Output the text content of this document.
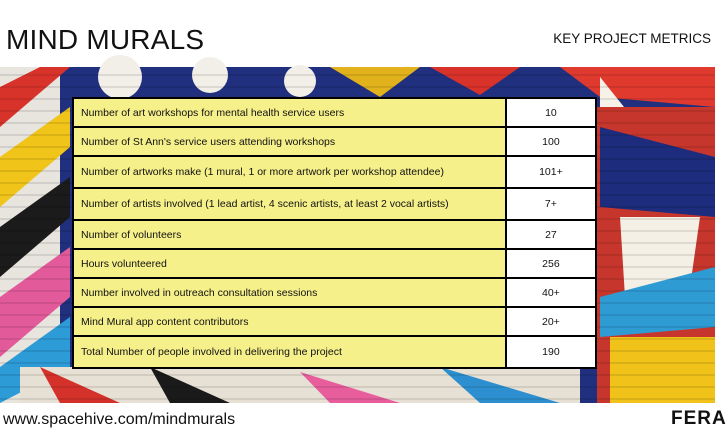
MIND MURALS	KEY PROJECT METRICS
Number of art workshops for mental health service users	10
Number of St Ann's service users attending workshops	100
Number of artworks make (1 mural, 1 or more artwork per workshop attendee)	101+
Number of artists involved (1 lead artist, 4 scenic artists, at least 2 vocal artists)	7+
Number of volunteers	27
Hours volunteered	256
Number involved in outreach consultation sessions	40+
Mind Mural app content contributors	20+
Total Number of people involved in delivering the project	190
www.spacehive.com/mindmurals	FERA
